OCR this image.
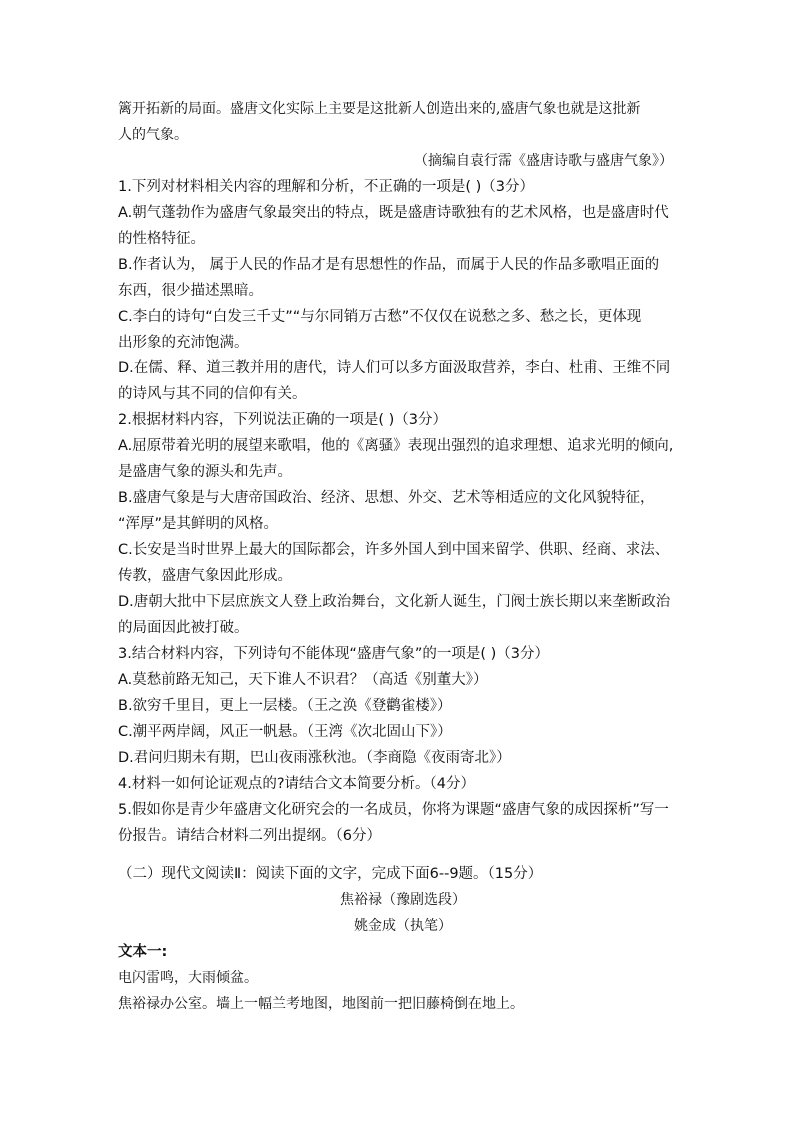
篱开拓新的局面。盛唐文化实际上主要是这批新人创造出来的,盛唐气象也就是这批新
人的气象。
（摘编自袁行霈《盛唐诗歌与盛唐气象》）
1.下列对材料相关内容的理解和分析，不正确的一项是( )（3分）
A.朝气蓬勃作为盛唐气象最突出的特点，既是盛唐诗歌独有的艺术风格，也是盛唐时代
的性格特征。
B.作者认为， 属于人民的作品才是有思想性的作品，而属于人民的作品多歌唱正面的
东西，很少描述黑暗。
C.李白的诗句“白发三千丈”“与尔同销万古愁”不仅仅在说愁之多、愁之长，更体现
出形象的充沛饱满。
D.在儒、释、道三教并用的唐代，诗人们可以多方面汲取营养，李白、杜甫、王维不同
的诗风与其不同的信仰有关。
2.根据材料内容，下列说法正确的一项是( )（3分）
A.屈原带着光明的展望来歌唱，他的《离骚》表现出强烈的追求理想、追求光明的倾向,
是盛唐气象的源头和先声。
B.盛唐气象是与大唐帝国政治、经济、思想、外交、艺术等相适应的文化风貌特征，
“浑厚”是其鲜明的风格。
C.长安是当时世界上最大的国际都会，许多外国人到中国来留学、供职、经商、求法、
传教，盛唐气象因此形成。
D.唐朝大批中下层庶族文人登上政治舞台，文化新人诞生，门阀士族长期以来垄断政治
的局面因此被打破。
3.结合材料内容，下列诗句不能体现“盛唐气象”的一项是( )（3分）
A.莫愁前路无知己，天下谁人不识君？（高适《别董大》）
B.欲穷千里目，更上一层楼。（王之涣《登鹳雀楼》）
C.潮平两岸阔，风正一帆悬。（王湾《次北固山下》）
D.君问归期未有期，巴山夜雨涨秋池。（李商隐《夜雨寄北》）
4.材料一如何论证观点的?请结合文本简要分析。（4分）
5.假如你是青少年盛唐文化研究会的一名成员，你将为课题“盛唐气象的成因探析”写一
份报告。请结合材料二列出提纲。（6分）
（二）现代文阅读Ⅱ：阅读下面的文字，完成下面6--9题。（15分）
焦裕禄（豫剧选段）
姚金成（执笔）
文本一:
电闪雷鸣，大雨倾盆。
焦裕禄办公室。墙上一幅兰考地图，地图前一把旧藤椅倒在地上。
